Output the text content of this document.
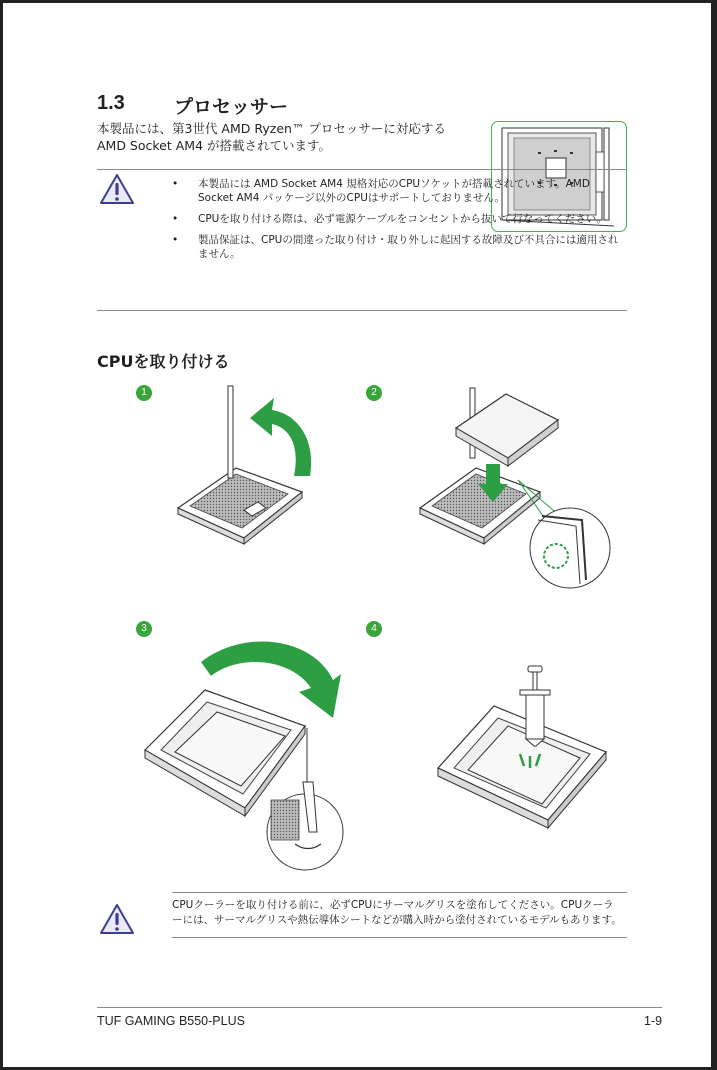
1.3	プロセッサー
本製品には、第3世代 AMD Ryzen™ プロセッサーに対応する AMD Socket AM4 が搭載されています。
• 本製品には AMD Socket AM4 規格対応のCPUソケットが搭載されています。AMD Socket AM4 パッケージ以外のCPUはサポートしておりません。
• CPUを取り付ける際は、必ず電源ケーブルをコンセントから抜いて行なってください。
• 製品保証は、CPUの間違った取り付け・取り外しに起因する故障及び不具合には適用されません。
CPUを取り付ける
1	2
3	4
CPUクーラーを取り付ける前に、必ずCPUにサーマルグリスを塗布してください。CPUクーラーには、サーマルグリスや熱伝導体シートなどが購入時から塗付されているモデルもあります。
TUF GAMING B550-PLUS	1-9
